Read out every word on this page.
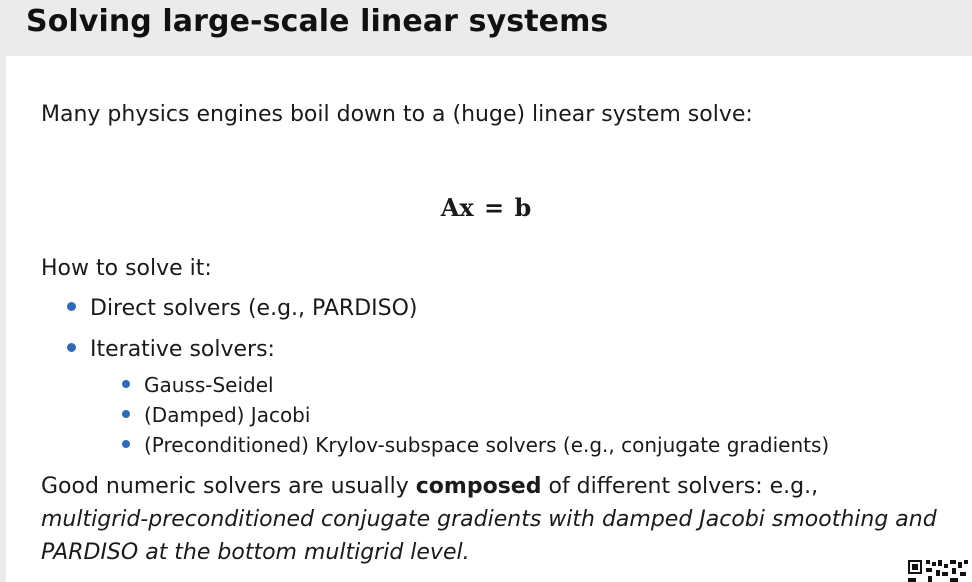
Solving large-scale linear systems
Many physics engines boil down to a (huge) linear system solve:
Ax = b
How to solve it:
Direct solvers (e.g., PARDISO)
Iterative solvers:
Gauss-Seidel
(Damped) Jacobi
(Preconditioned) Krylov-subspace solvers (e.g., conjugate gradients)
Good numeric solvers are usually composed of different solvers: e.g.,
multigrid-preconditioned conjugate gradients with damped Jacobi smoothing and PARDISO at the bottom multigrid level.
